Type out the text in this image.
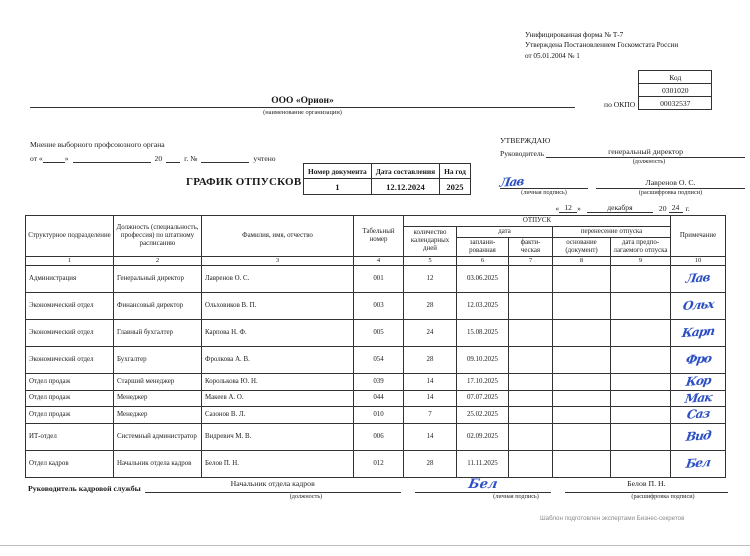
Унифицированная форма № Т-7
Утверждена Постановлением Госкомстата России
от 05.01.2004 № 1
по ОКПО
Код
0301020
00032537
ООО «Орион»
(наименование организации)
Мнение выборного профсоюзного органа
от «	»	20	г. №	учтено
ГРАФИК ОТПУСКОВ
Номер документа	Дата составления	На год
1	12.12.2024	2025
УТВЕРЖДАЮ
Руководитель	генеральный директор
(должность)
Лав	Лавренов О. С.
(личная подпись)	(расшифровка подписи)
« 12 »	декабря	20 24 г.
Структурное подразделение	Должность (специальность, профессия) по штатному расписанию	Фамилия, имя, отчество	Табельный номер	ОТПУСК					Примечание
				количество календарных дней	дата		перенесение отпуска		
					заплани- рованная	факти- ческая	основание (документ)	дата предпо- лагаемого отпуска	
1	2	3	4	5	6	7	8	9	10
Администрация	Генеральный директор	Лавренов О. С.	001	12	03.06.2025				Лав
Экономический отдел	Финансовый директор	Ольховиков В. П.	003	28	12.03.2025				Ольх
Экономический отдел	Главный бухгалтер	Карпова Н. Ф.	005	24	15.08.2025				Карп
Экономический отдел	Бухгалтер	Фролкова А. В.	054	28	09.10.2025				Фро
Отдел продаж	Старший менеджер	Королькова Ю. Н.	039	14	17.10.2025				Кор
Отдел продаж	Менеджер	Макеев А. О.	044	14	07.07.2025				Мак
Отдел продаж	Менеджер	Сазонов В. Л.	010	7	25.02.2025				Саз
ИТ-отдел	Системный администратор	Видревич М. В.	006	14	02.09.2025				Вид
Отдел кадров	Начальник отдела кадров	Белов П. Н.	012	28	11.11.2025				Бел
Руководитель кадровой службы
Начальник отдела кадров	Бел	Белов П. Н.
(должность)	(личная подпись)	(расшифровка подписи)
Шаблон подготовлен экспертами Бизнес-секретов
